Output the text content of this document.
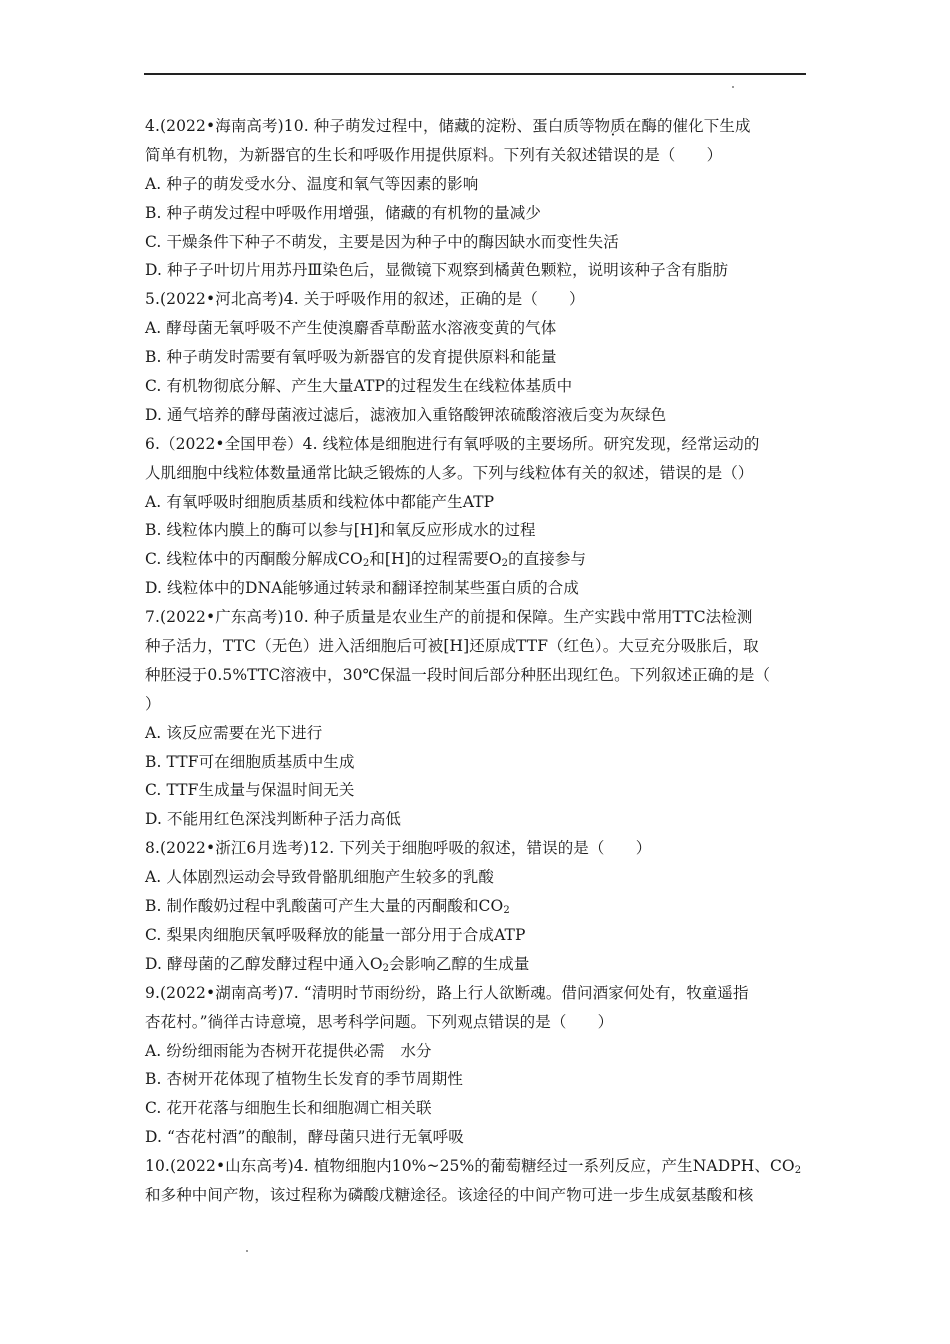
4.(2022•海南高考)10. 种子萌发过程中，储藏的淀粉、蛋白质等物质在酶的催化下生成
简单有机物，为新器官的生长和呼吸作用提供原料。下列有关叙述错误的是（　　）
A. 种子的萌发受水分、温度和氧气等因素的影响
B. 种子萌发过程中呼吸作用增强，储藏的有机物的量减少
C. 干燥条件下种子不萌发，主要是因为种子中的酶因缺水而变性失活
D. 种子子叶切片用苏丹Ⅲ染色后，显微镜下观察到橘黄色颗粒，说明该种子含有脂肪
5.(2022•河北高考)4. 关于呼吸作用的叙述，正确的是（　　）
A. 酵母菌无氧呼吸不产生使溴麝香草酚蓝水溶液变黄的气体
B. 种子萌发时需要有氧呼吸为新器官的发育提供原料和能量
C. 有机物彻底分解、产生大量ATP的过程发生在线粒体基质中
D. 通气培养的酵母菌液过滤后，滤液加入重铬酸钾浓硫酸溶液后变为灰绿色
6.（2022•全国甲卷）4. 线粒体是细胞进行有氧呼吸的主要场所。研究发现，经常运动的
人肌细胞中线粒体数量通常比缺乏锻炼的人多。下列与线粒体有关的叙述，错误的是（）
A. 有氧呼吸时细胞质基质和线粒体中都能产生ATP
B. 线粒体内膜上的酶可以参与[H]和氧反应形成水的过程
C. 线粒体中的丙酮酸分解成$CO_2$和[H]的过程需要$O_2$的直接参与
D. 线粒体中的DNA能够通过转录和翻译控制某些蛋白质的合成
7.(2022•广东高考)10. 种子质量是农业生产的前提和保障。生产实践中常用TTC法检测
种子活力，TTC（无色）进入活细胞后可被[H]还原成TTF（红色）。大豆充分吸胀后，取
种胚浸于0.5%TTC溶液中，30℃保温一段时间后部分种胚出现红色。下列叙述正确的是（
）
A. 该反应需要在光下进行
B. TTF可在细胞质基质中生成
C. TTF生成量与保温时间无关
D. 不能用红色深浅判断种子活力高低
8.(2022•浙江6月选考)12. 下列关于细胞呼吸的叙述，错误的是（　　）
A. 人体剧烈运动会导致骨骼肌细胞产生较多的乳酸
B. 制作酸奶过程中乳酸菌可产生大量的丙酮酸和$CO_2$
C. 梨果肉细胞厌氧呼吸释放的能量一部分用于合成ATP
D. 酵母菌的乙醇发酵过程中通入$O_2$会影响乙醇的生成量
9.(2022•湖南高考)7. “清明时节雨纷纷，路上行人欲断魂。借问酒家何处有，牧童遥指
杏花村。”徜徉古诗意境，思考科学问题。下列观点错误的是（　　）
A. 纷纷细雨能为杏树开花提供必需　水分
B. 杏树开花体现了植物生长发育的季节周期性
C. 花开花落与细胞生长和细胞凋亡相关联
D. “杏花村酒”的酿制，酵母菌只进行无氧呼吸
10.(2022•山东高考)4. 植物细胞内10%~25%的葡萄糖经过一系列反应，产生NADPH、$CO_2$
和多种中间产物，该过程称为磷酸戊糖途径。该途径的中间产物可进一步生成氨基酸和核
